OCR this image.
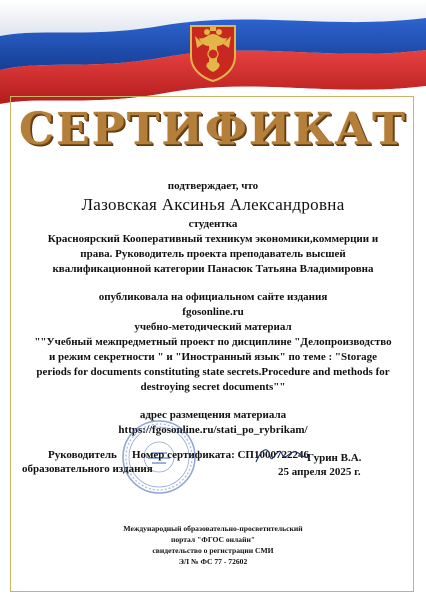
СЕРТИФИКАТ
подтверждает, что
Лазовская Аксинья Александровна
студентка
Красноярский Кооперативный техникум экономики,коммерции и
права. Руководитель проекта преподаватель высшей
квалификационной категории Панасюк Татьяна Владимировна
опубликовала на официальном сайте издания
fgosonline.ru
учебно-методический материал
""Учебный межпредметный проект по дисциплине "Делопроизводство
и режим секретности " и "Иностранный язык" по теме : "Storage
periods for documents constituting state secrets.Procedure and methods for
destroying secret documents""
адрес размещения материала
https://fgosonline.ru/stati_po_rybrikam/
Руководитель
образовательного издания
Номер сертификата: СП1000722246
Гурин В.А.
25 апреля 2025 г.
Международный образовательно-просветительский
портал "ФГОС онлайн"
свидетельство о регистрации СМИ
ЭЛ № ФС 77 - 72602
